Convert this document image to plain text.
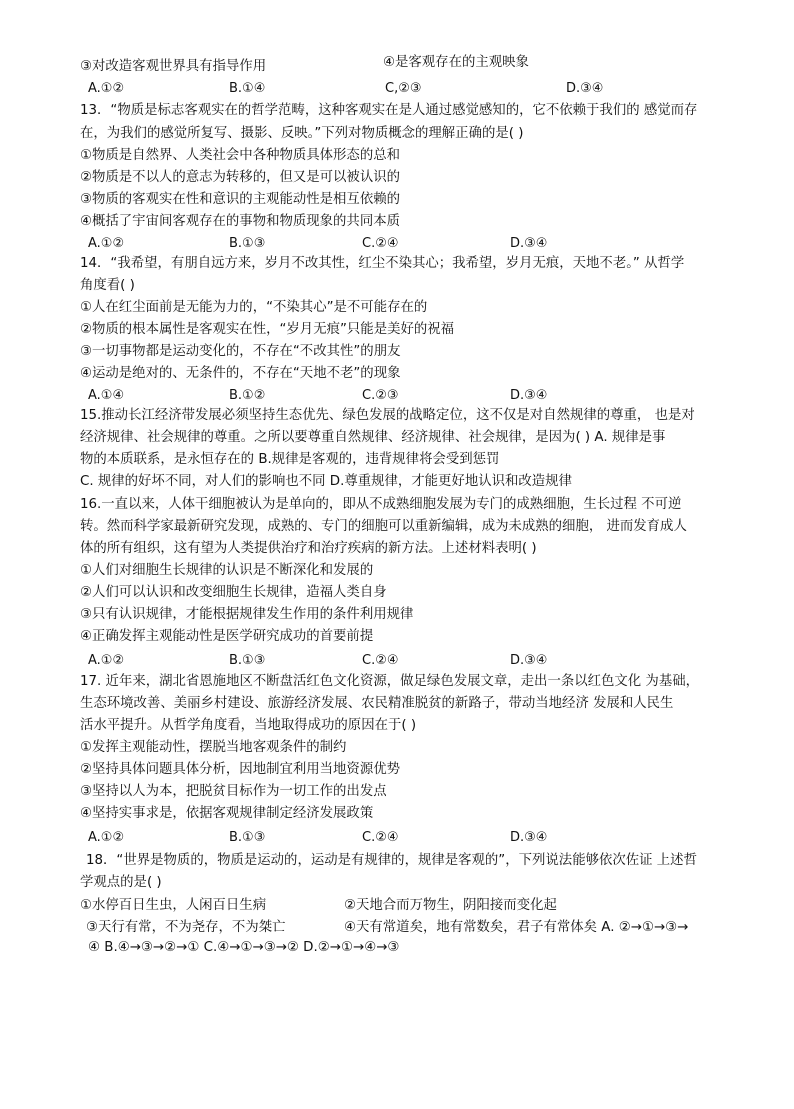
③对改造客观世界具有指导作用	④是客观存在的主观映象
A.①②	B.①④	C,②③	D.③④
13．“物质是标志客观实在的哲学范畴，这种客观实在是人通过感觉感知的，它不依赖于我们的 感觉而存
在，为我们的感觉所复写、摄影、反映。”下列对物质概念的理解正确的是( )
①物质是自然界、人类社会中各种物质具体形态的总和
②物质是不以人的意志为转移的，但又是可以被认识的
③物质的客观实在性和意识的主观能动性是相互依赖的
④概括了宇宙间客观存在的事物和物质现象的共同本质
A.①②	B.①③	C.②④	D.③④
14．“我希望，有朋自远方来，岁月不改其性，红尘不染其心；我希望，岁月无痕，天地不老。” 从哲学
角度看( )
①人在红尘面前是无能为力的，“不染其心”是不可能存在的
②物质的根本属性是客观实在性，“岁月无痕”只能是美好的祝福
③一切事物都是运动变化的，不存在“不改其性”的朋友
④运动是绝对的、无条件的，不存在“天地不老”的现象
A.①④	B.①②	C.②③	D.③④
15.推动长江经济带发展必须坚持生态优先、绿色发展的战略定位，这不仅是对自然规律的尊重， 也是对
经济规律、社会规律的尊重。之所以要尊重自然规律、经济规律、社会规律，是因为( ) A. 规律是事
物的本质联系，是永恒存在的 B.规律是客观的，违背规律将会受到惩罚
C. 规律的好坏不同，对人们的影响也不同 D.尊重规律，才能更好地认识和改造规律
16.一直以来，人体干细胞被认为是单向的，即从不成熟细胞发展为专门的成熟细胞，生长过程 不可逆
转。然而科学家最新研究发现，成熟的、专门的细胞可以重新编辑，成为未成熟的细胞， 进而发育成人
体的所有组织，这有望为人类提供治疗和治疗疾病的新方法。上述材料表明( )
①人们对细胞生长规律的认识是不断深化和发展的
②人们可以认识和改变细胞生长规律，造福人类自身
③只有认识规律，才能根据规律发生作用的条件利用规律
④正确发挥主观能动性是医学研究成功的首要前提
A.①②	B.①③	C.②④	D.③④
17. 近年来，湖北省恩施地区不断盘活红色文化资源，做足绿色发展文章，走出一条以红色文化 为基础，
生态环境改善、美丽乡村建设、旅游经济发展、农民精准脱贫的新路子，带动当地经济 发展和人民生
活水平提升。从哲学角度看，当地取得成功的原因在于( )
①发挥主观能动性，摆脱当地客观条件的制约
②坚持具体问题具体分析，因地制宜利用当地资源优势
③坚持以人为本，把脱贫目标作为一切工作的出发点
④坚持实事求是，依据客观规律制定经济发展政策
A.①②	B.①③	C.②④	D.③④
18．“世界是物质的，物质是运动的，运动是有规律的，规律是客观的”，下列说法能够依次佐证 上述哲
学观点的是( )
①水停百日生虫，人闲百日生病	②天地合而万物生，阴阳接而变化起
③天行有常，不为尧存，不为桀亡	④天有常道矣，地有常数矣，君子有常体矣 A. ②→①→③→
④ B.④→③→②→① C.④→①→③→② D.②→①→④→③
